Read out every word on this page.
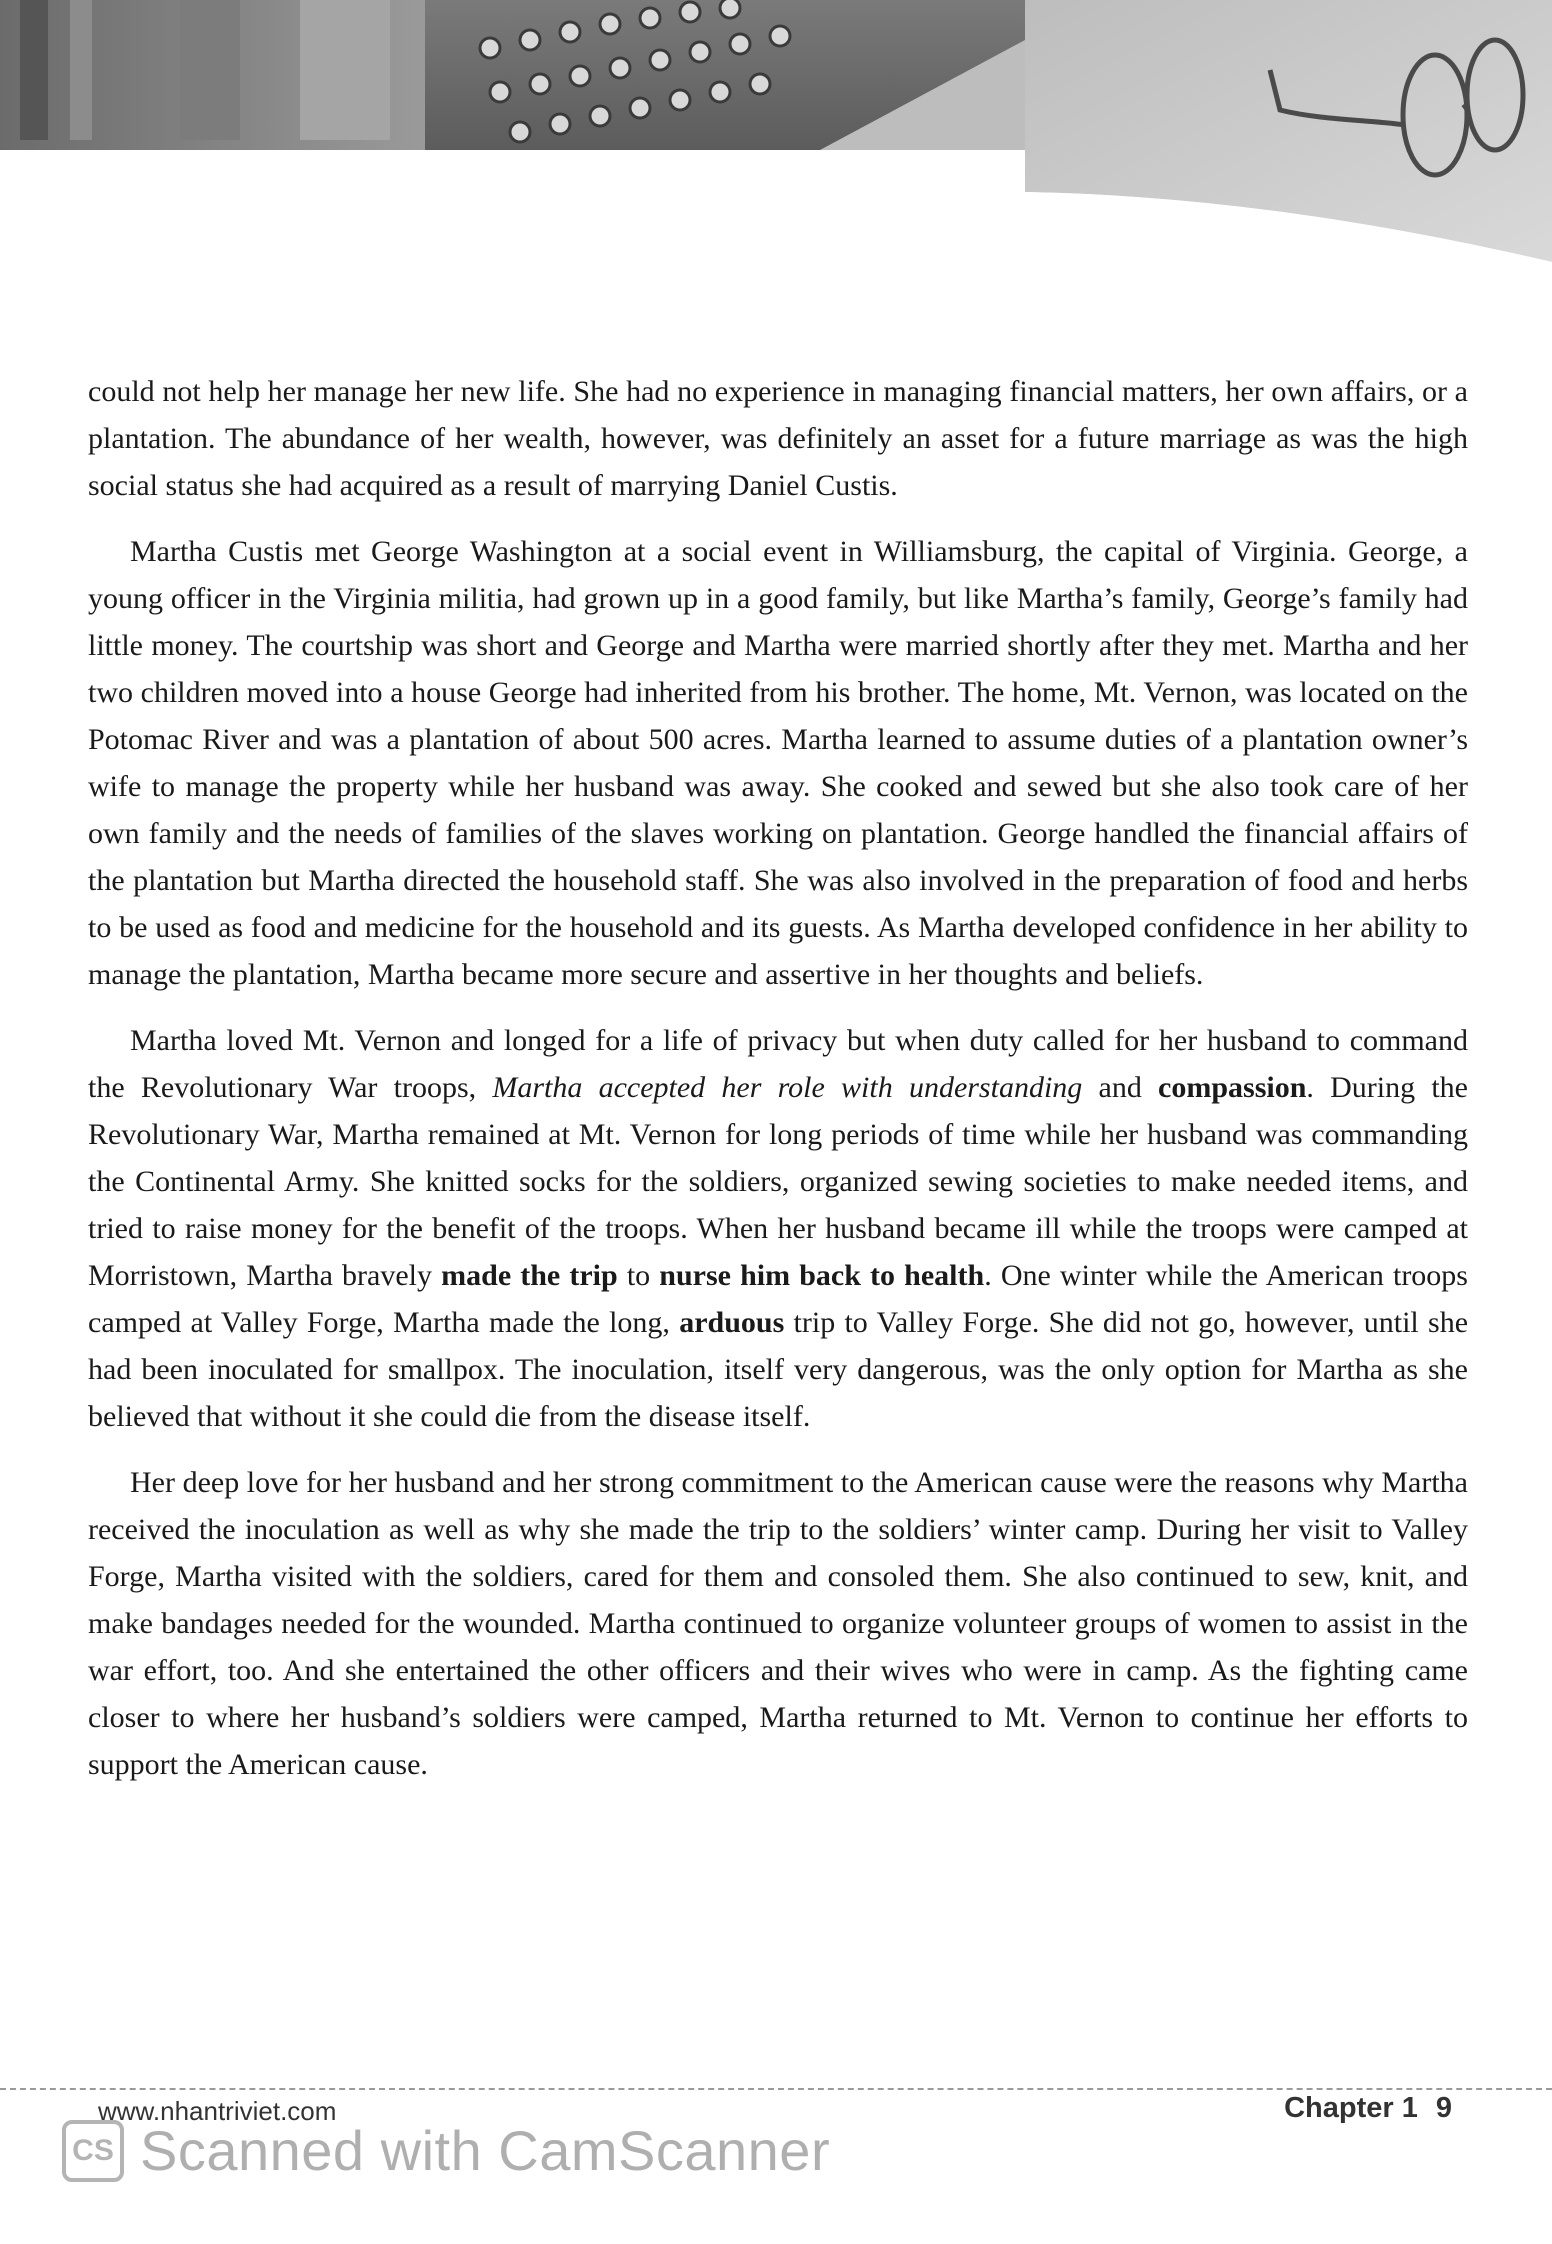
could not help her manage her new life. She had no experience in managing financial matters, her own affairs, or a plantation. The abundance of her wealth, however, was definitely an asset for a future marriage as was the high social status she had acquired as a result of marrying Daniel Custis.

Martha Custis met George Washington at a social event in Williamsburg, the capital of Virginia. George, a young officer in the Virginia militia, had grown up in a good family, but like Martha’s family, George’s family had little money. The courtship was short and George and Martha were married shortly after they met. Martha and her two children moved into a house George had inherited from his brother. The home, Mt. Vernon, was located on the Potomac River and was a plantation of about 500 acres. Martha learned to assume duties of a plantation owner’s wife to manage the property while her husband was away. She cooked and sewed but she also took care of her own family and the needs of families of the slaves working on plantation. George handled the financial affairs of the plantation but Martha directed the household staff. She was also involved in the preparation of food and herbs to be used as food and medicine for the household and its guests. As Martha developed confidence in her ability to manage the plantation, Martha became more secure and assertive in her thoughts and beliefs.

Martha loved Mt. Vernon and longed for a life of privacy but when duty called for her husband to command the Revolutionary War troops, Martha accepted her role with understanding and compassion. During the Revolutionary War, Martha remained at Mt. Vernon for long periods of time while her husband was commanding the Continental Army. She knitted socks for the soldiers, organized sewing societies to make needed items, and tried to raise money for the benefit of the troops. When her husband became ill while the troops were camped at Morristown, Martha bravely made the trip to nurse him back to health. One winter while the American troops camped at Valley Forge, Martha made the long, arduous trip to Valley Forge. She did not go, however, until she had been inoculated for smallpox. The inoculation, itself very dangerous, was the only option for Martha as she believed that without it she could die from the disease itself.

Her deep love for her husband and her strong commitment to the American cause were the reasons why Martha received the inoculation as well as why she made the trip to the soldiers’ winter camp. During her visit to Valley Forge, Martha visited with the soldiers, cared for them and consoled them. She also continued to sew, knit, and make bandages needed for the wounded. Martha continued to organize volunteer groups of women to assist in the war effort, too. And she entertained the other officers and their wives who were in camp. As the fighting came closer to where her husband’s soldiers were camped, Martha returned to Mt. Vernon to continue her efforts to support the American cause.

www.nhantriviet.com	Chapter 1 9
CS Scanned with CamScanner
